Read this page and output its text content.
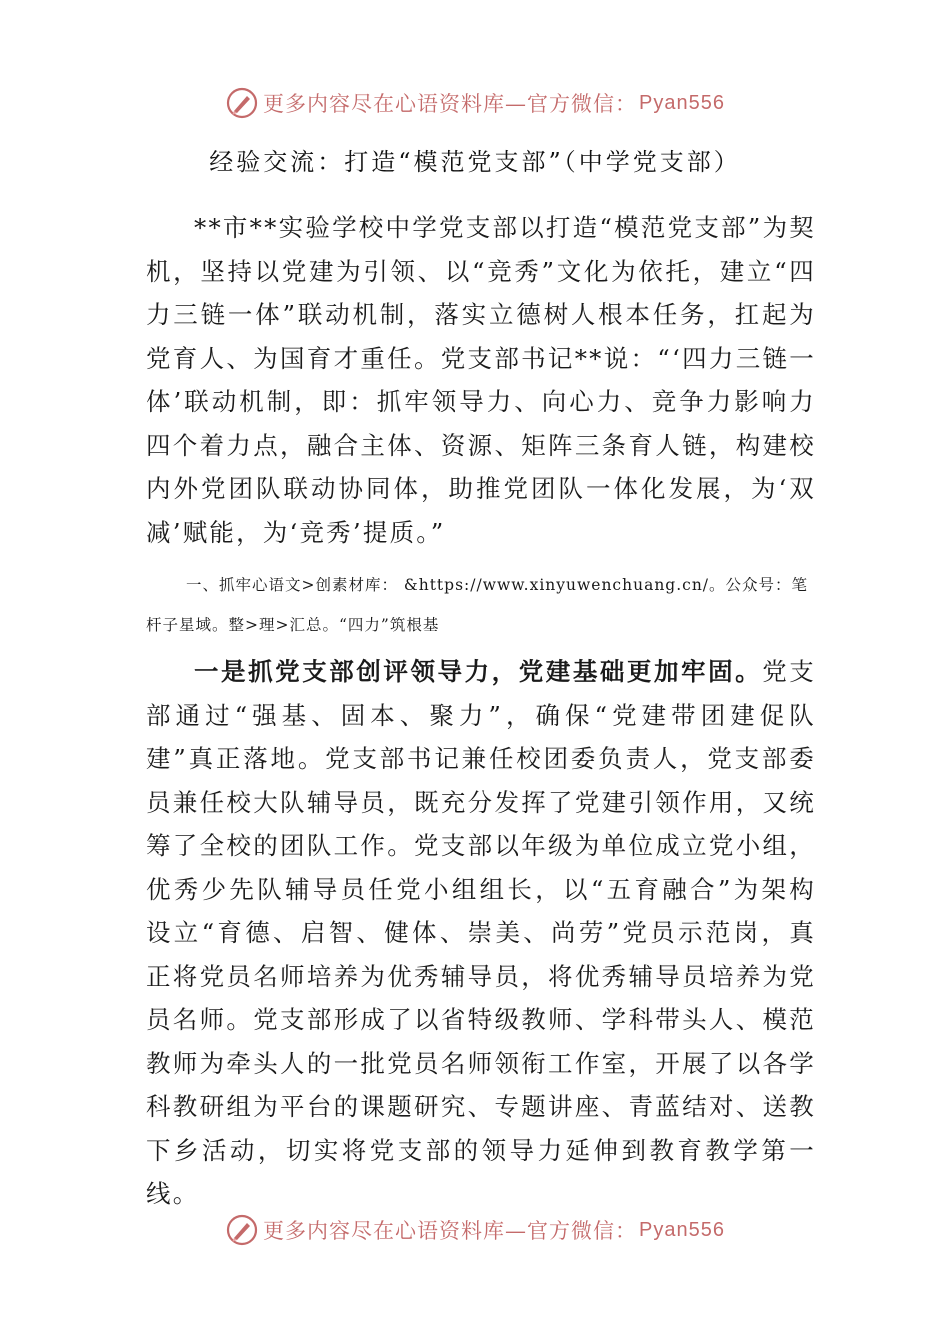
更多内容尽在心语资料库—官方微信： Pyan556
经验交流：打造“模范党支部”（中学党支部）

**市**实验学校中学党支部以打造“模范党支部”为契机，坚持以党建为引领、以“竞秀”文化为依托，建立“四力三链一体”联动机制，落实立德树人根本任务，扛起为党育人、为国育才重任。党支部书记**说：“‘四力三链一体’联动机制，即：抓牢领导力、向心力、竞争力影响力四个着力点，融合主体、资源、矩阵三条育人链，构建校内外党团队联动协同体，助推党团队一体化发展，为‘双减’赋能，为‘竞秀’提质。”

一、抓牢心语文>创素材库： &https://www.xinyuwenchuang.cn/。公众号：笔杆子星域。整>理>汇总。“四力”筑根基

一是抓党支部创评领导力，党建基础更加牢固。党支部通过“强基、固本、聚力”，确保“党建带团建促队建”真正落地。党支部书记兼任校团委负责人，党支部委员兼任校大队辅导员，既充分发挥了党建引领作用，又统筹了全校的团队工作。党支部以年级为单位成立党小组，优秀少先队辅导员任党小组组长，以“五育融合”为架构设立“育德、启智、健体、崇美、尚劳”党员示范岗，真正将党员名师培养为优秀辅导员，将优秀辅导员培养为党员名师。党支部形成了以省特级教师、学科带头人、模范教师为牵头人的一批党员名师领衔工作室，开展了以各学科教研组为平台的课题研究、专题讲座、青蓝结对、送教下乡活动，切实将党支部的领导力延伸到教育教学第一线。

更多内容尽在心语资料库—官方微信： Pyan556
